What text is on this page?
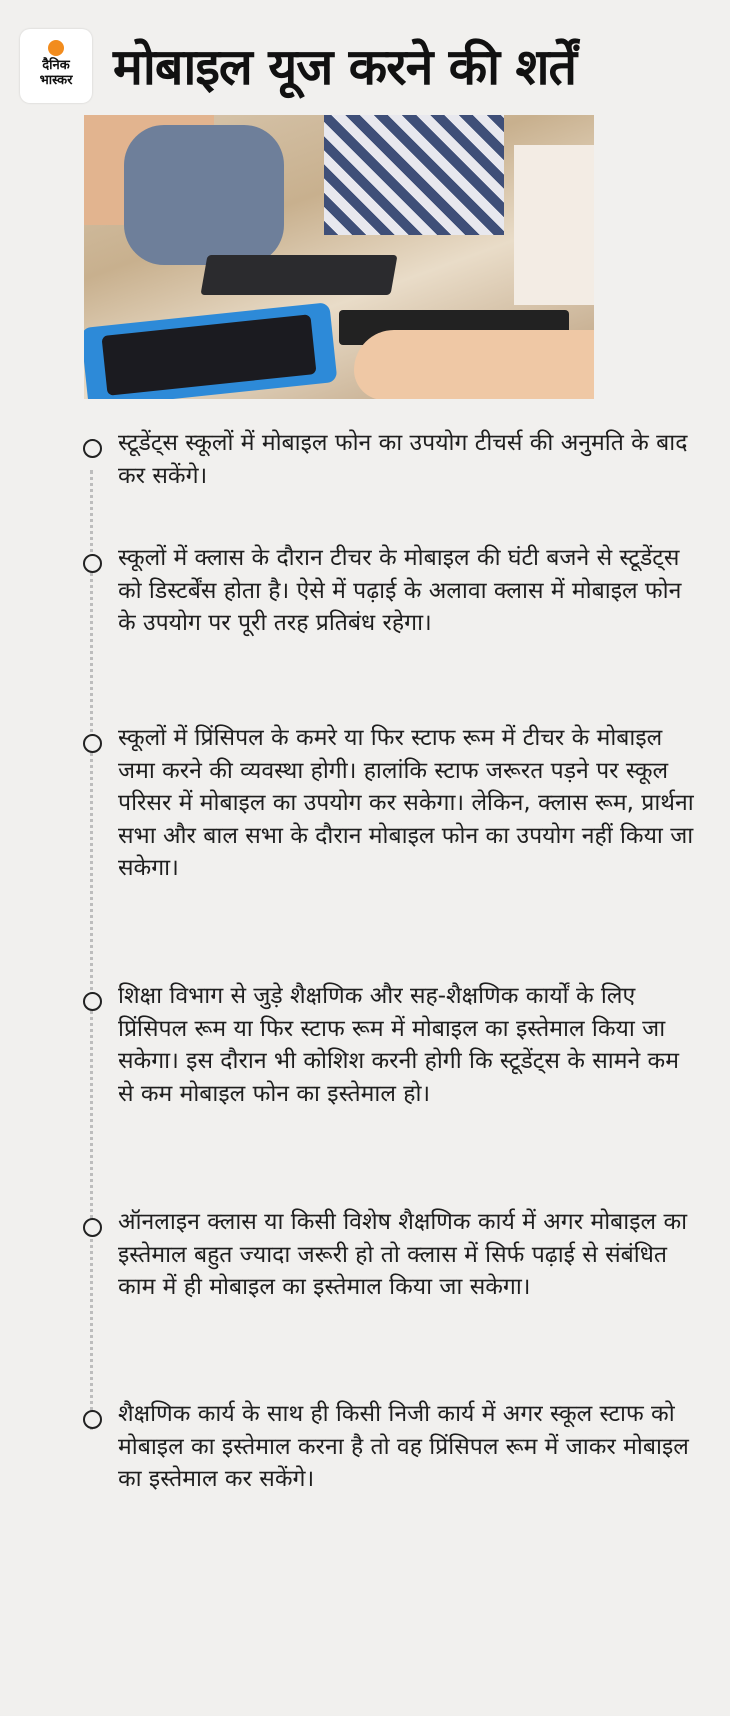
दैनिक
भास्कर मोबाइल यूज करने की शर्तें
स्टूडेंट्स स्कूलों में मोबाइल फोन का उपयोग टीचर्स की अनुमति के बाद कर सकेंगे।
स्कूलों में क्लास के दौरान टीचर के मोबाइल की घंटी बजने से स्टूडेंट्स को डिस्टर्बेंस होता है। ऐसे में पढ़ाई के अलावा क्लास में मोबाइल फोन के उपयोग पर पूरी तरह प्रतिबंध रहेगा।
स्कूलों में प्रिंसिपल के कमरे या फिर स्टाफ रूम में टीचर के मोबाइल जमा करने की व्यवस्था होगी। हालांकि स्टाफ जरूरत पड़ने पर स्कूल परिसर में मोबाइल का उपयोग कर सकेगा। लेकिन, क्लास रूम, प्रार्थना सभा और बाल सभा के दौरान मोबाइल फोन का उपयोग नहीं किया जा सकेगा।
शिक्षा विभाग से जुड़े शैक्षणिक और सह-शैक्षणिक कार्यों के लिए प्रिंसिपल रूम या फिर स्टाफ रूम में मोबाइल का इस्तेमाल किया जा सकेगा। इस दौरान भी कोशिश करनी होगी कि स्टूडेंट्स के सामने कम से कम मोबाइल फोन का इस्तेमाल हो।
ऑनलाइन क्लास या किसी विशेष शैक्षणिक कार्य में अगर मोबाइल का इस्तेमाल बहुत ज्यादा जरूरी हो तो क्लास में सिर्फ पढ़ाई से संबंधित काम में ही मोबाइल का इस्तेमाल किया जा सकेगा।
शैक्षणिक कार्य के साथ ही किसी निजी कार्य में अगर स्कूल स्टाफ को मोबाइल का इस्तेमाल करना है तो वह प्रिंसिपल रूम में जाकर मोबाइल का इस्तेमाल कर सकेंगे।
